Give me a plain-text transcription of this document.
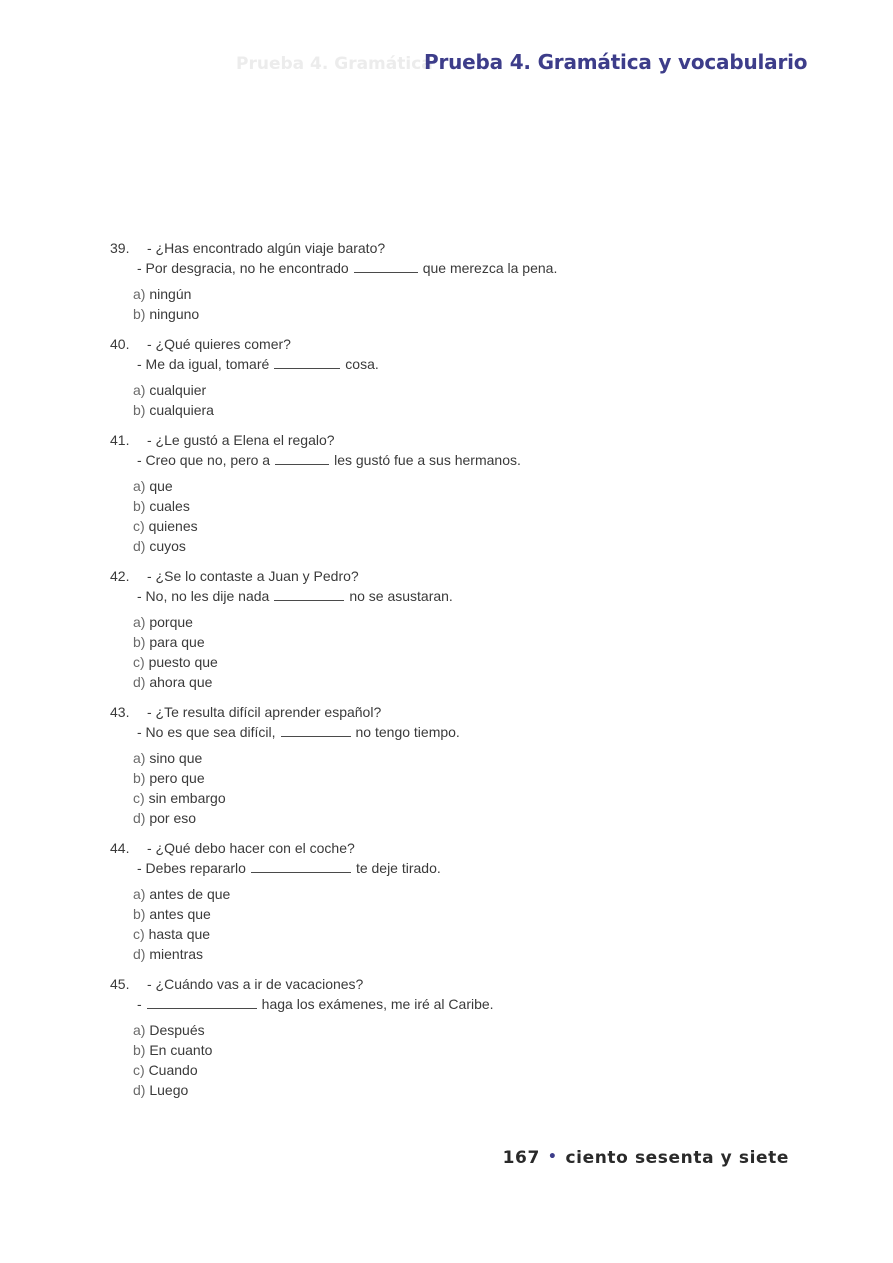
Prueba 4. Gramática
Prueba 4. Gramática y vocabulario
39. - ¿Has encontrado algún viaje barato?
- Por desgracia, no he encontrado	que merezca la pena.
a) ningún
b) ninguno
40. - ¿Qué quieres comer?
- Me da igual, tomaré	cosa.
a) cualquier
b) cualquiera
41. - ¿Le gustó a Elena el regalo?
- Creo que no, pero a	les gustó fue a sus hermanos.
a) que
b) cuales
c) quienes
d) cuyos
42. - ¿Se lo contaste a Juan y Pedro?
- No, no les dije nada	no se asustaran.
a) porque
b) para que
c) puesto que
d) ahora que
43. - ¿Te resulta difícil aprender español?
- No es que sea difícil,	no tengo tiempo.
a) sino que
b) pero que
c) sin embargo
d) por eso
44. - ¿Qué debo hacer con el coche?
- Debes repararlo	te deje tirado.
a) antes de que
b) antes que
c) hasta que
d) mientras
45. - ¿Cuándo vas a ir de vacaciones?
-	haga los exámenes, me iré al Caribe.
a) Después
b) En cuanto
c) Cuando
d) Luego
167 • ciento sesenta y siete
